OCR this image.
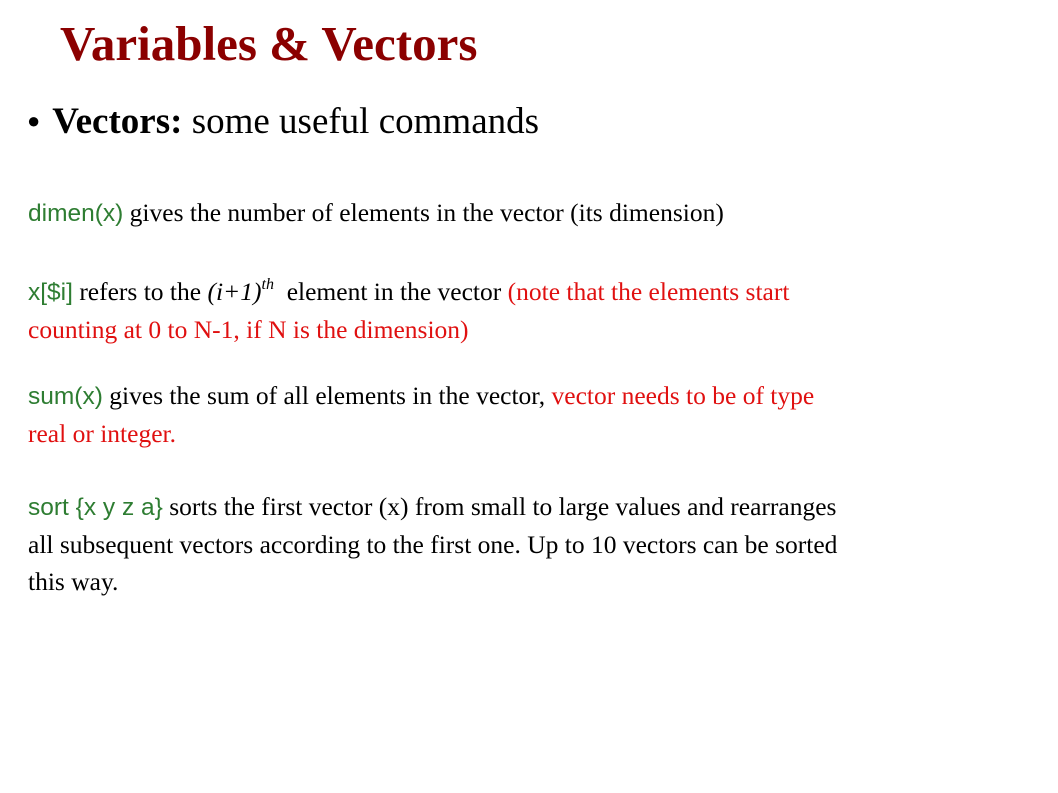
Variables & Vectors
● Vectors: some useful commands
dimen(x) gives the number of elements in the vector (its dimension)
x[$i] refers to the $(i+1)^{th}$ element in the vector (note that the elements start
counting at 0 to N-1, if N is the dimension)
sum(x) gives the sum of all elements in the vector, vector needs to be of type
real or integer.
sort {x y z a} sorts the first vector (x) from small to large values and rearranges
all subsequent vectors according to the first one. Up to 10 vectors can be sorted
this way.
